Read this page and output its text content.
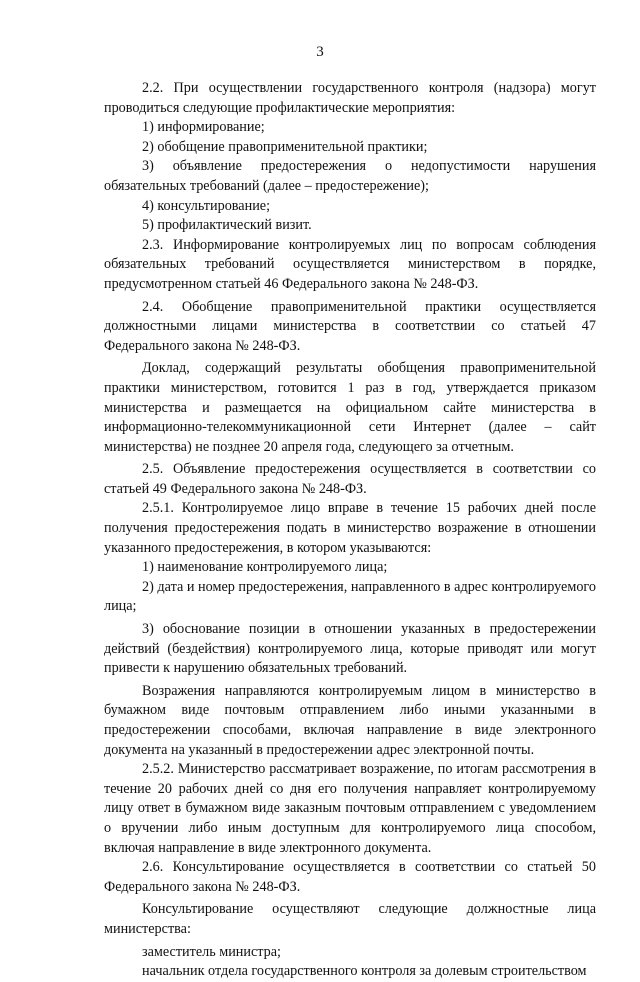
3

2.2. При осуществлении государственного контроля (надзора) могут проводиться следующие профилактические мероприятия:

1) информирование;

2) обобщение правоприменительной практики;

3) объявление предостережения о недопустимости нарушения обязательных требований (далее – предостережение);

4) консультирование;

5) профилактический визит.

2.3. Информирование контролируемых лиц по вопросам соблюдения обязательных требований осуществляется министерством в порядке, предусмотренном статьей 46 Федерального закона № 248-ФЗ.

2.4. Обобщение правоприменительной практики осуществляется должностными лицами министерства в соответствии со статьей 47 Федерального закона № 248-ФЗ.

Доклад, содержащий результаты обобщения правоприменительной практики министерством, готовится 1 раз в год, утверждается приказом министерства и размещается на официальном сайте министерства в информационно-телекоммуникационной сети Интернет (далее – сайт министерства) не позднее 20 апреля года, следующего за отчетным.

2.5. Объявление предостережения осуществляется в соответствии со статьей 49 Федерального закона № 248-ФЗ.

2.5.1. Контролируемое лицо вправе в течение 15 рабочих дней после получения предостережения подать в министерство возражение в отношении указанного предостережения, в котором указываются:

1) наименование контролируемого лица;

2) дата и номер предостережения, направленного в адрес контролируемого лица;

3) обоснование позиции в отношении указанных в предостережении действий (бездействия) контролируемого лица, которые приводят или могут привести к нарушению обязательных требований.

Возражения направляются контролируемым лицом в министерство в бумажном виде почтовым отправлением либо иными указанными в предостережении способами, включая направление в виде электронного документа на указанный в предостережении адрес электронной почты.

2.5.2. Министерство рассматривает возражение, по итогам рассмотрения в течение 20 рабочих дней со дня его получения направляет контролируемому лицу ответ в бумажном виде заказным почтовым отправлением с уведомлением о вручении либо иным доступным для контролируемого лица способом, включая направление в виде электронного документа.

2.6. Консультирование осуществляется в соответствии со статьей 50 Федерального закона № 248-ФЗ.

Консультирование осуществляют следующие должностные лица министерства:

заместитель министра;

начальник отдела государственного контроля за долевым строительством
